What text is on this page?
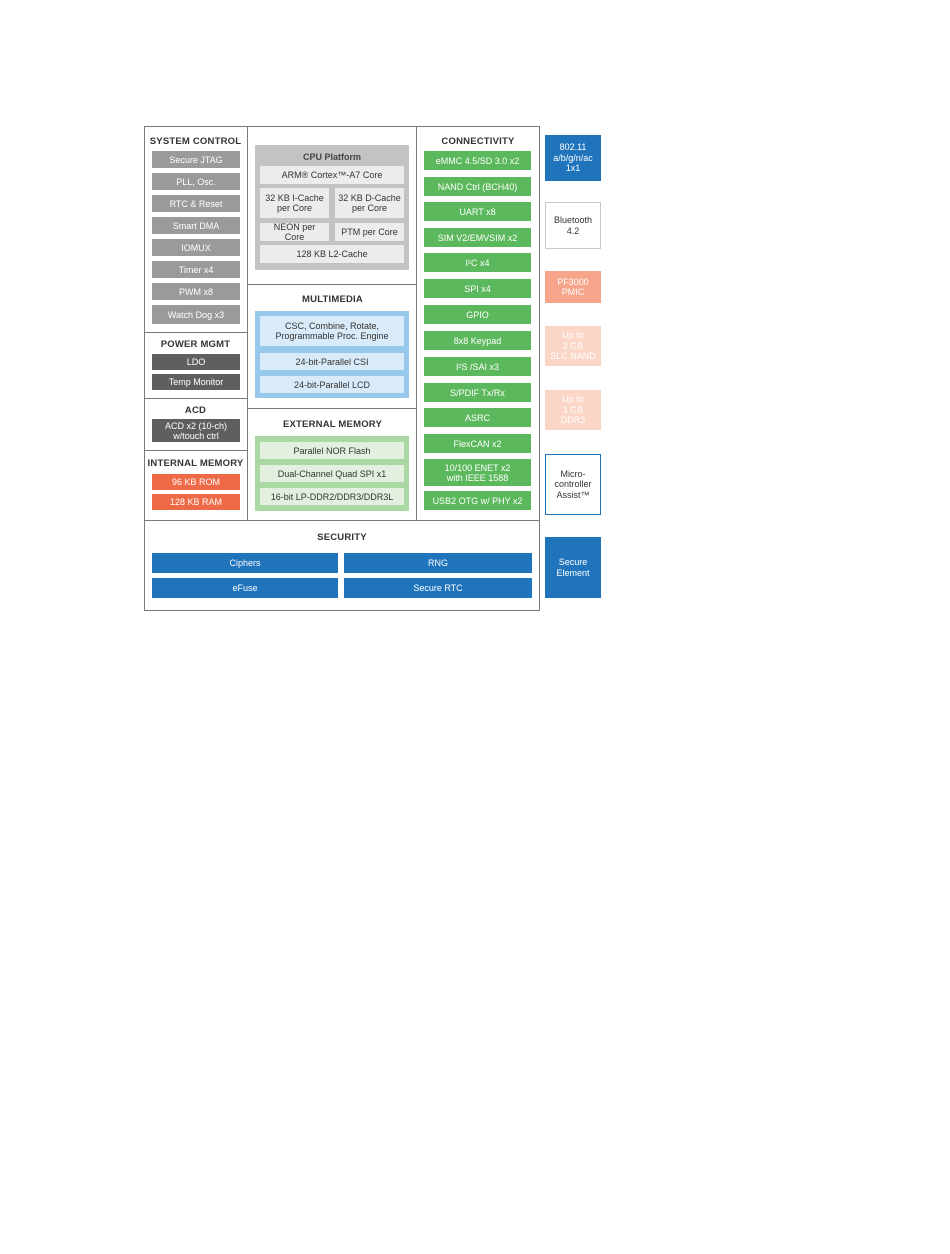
SYSTEM CONTROL
Secure JTAG
PLL, Osc.
RTC & Reset
Smart DMA
IOMUX
Timer x4
PWM x8
Watch Dog x3
POWER MGMT
LDO
Temp Monitor
ACD
ACD x2 (10-ch)
w/touch ctrl
INTERNAL MEMORY
96 KB ROM
128 KB RAM
CPU Platform
ARM® Cortex™-A7 Core
32 KB I-Cache
per Core
32 KB D-Cache
per Core
NEON per Core	PTM per Core
128 KB L2-Cache
MULTIMEDIA
CSC, Combine, Rotate,
Programmable Proc. Engine
24-bit-Parallel CSI
24-bit-Parallel LCD
EXTERNAL MEMORY
Parallel NOR Flash
Dual-Channel Quad SPI x1
16-bit LP-DDR2/DDR3/DDR3L
CONNECTIVITY
eMMC 4.5/SD 3.0 x2
NAND Ctrl (BCH40)
UART x8
SIM V2/EMVSIM x2
I²C x4
SPI x4
GPIO
8x8 Keypad
I²S /SAI x3
S/PDIF Tx/Rx
ASRC
FlexCAN x2
10/100 ENET x2
with IEEE 1588
USB2 OTG w/ PHY x2
SECURITY
Ciphers	RNG
eFuse	Secure RTC
802.11
a/b/g/n/ac
1x1
Bluetooth
4.2
PF3000
PMIC
Up to
2 GB
SLC NAND
Up to
1 GB
DDR3
Micro-
controller
Assist™
Secure
Element
